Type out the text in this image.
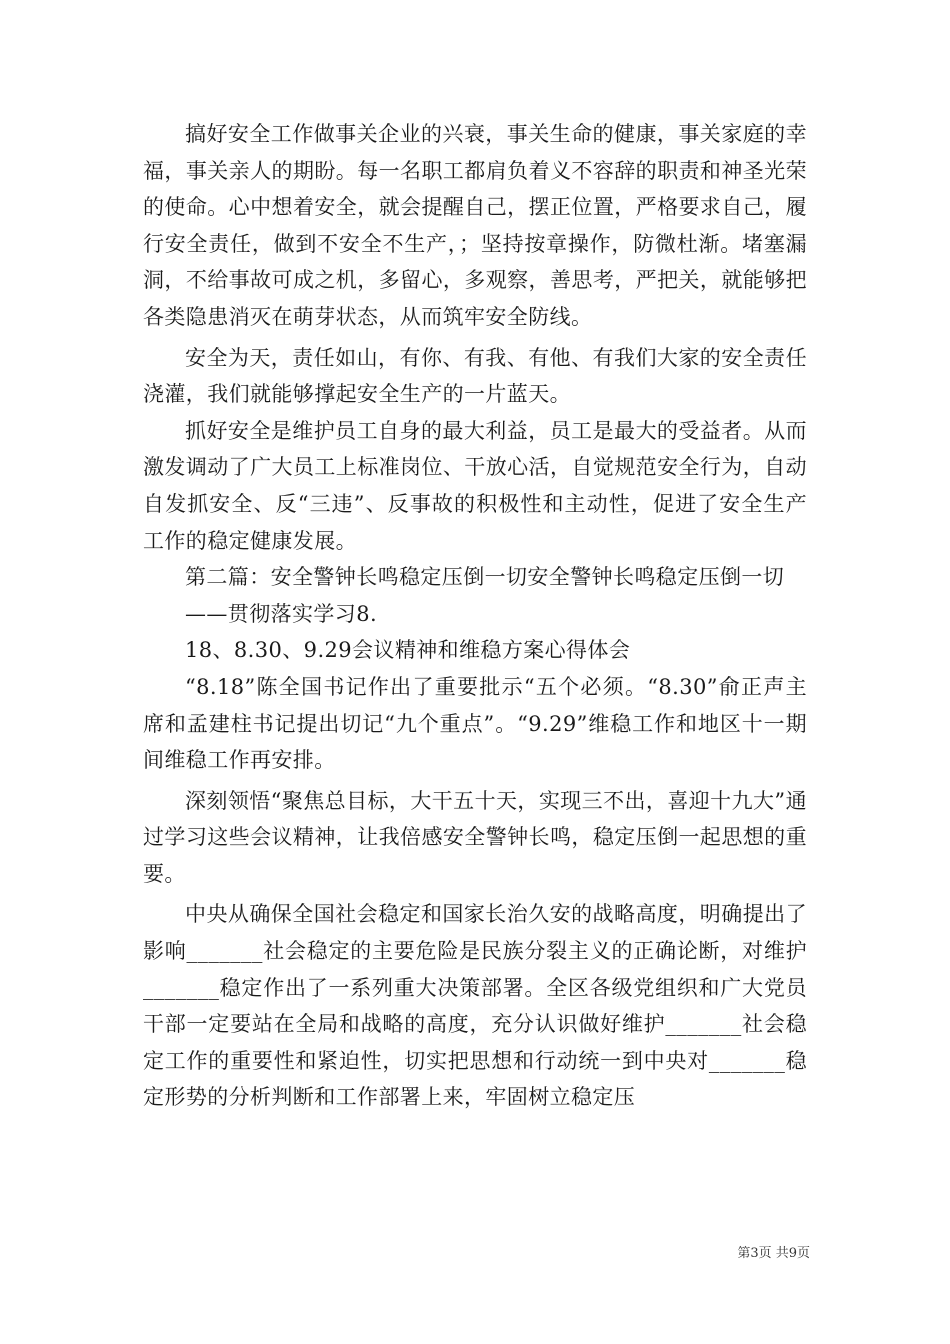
搞好安全工作做事关企业的兴衰，事关生命的健康，事关家庭的幸福，事关亲人的期盼。每一名职工都肩负着义不容辞的职责和神圣光荣的使命。心中想着安全，就会提醒自己，摆正位置，严格要求自己，履行安全责任，做到不安全不生产，；坚持按章操作，防微杜渐。堵塞漏洞，不给事故可成之机，多留心，多观察，善思考，严把关，就能够把各类隐患消灭在萌芽状态，从而筑牢安全防线。

安全为天，责任如山，有你、有我、有他、有我们大家的安全责任浇灌，我们就能够撑起安全生产的一片蓝天。

抓好安全是维护员工自身的最大利益，员工是最大的受益者。从而激发调动了广大员工上标准岗位、干放心活，自觉规范安全行为，自动自发抓安全、反“三违”、反事故的积极性和主动性，促进了安全生产工作的稳定健康发展。

第二篇：安全警钟长鸣稳定压倒一切安全警钟长鸣稳定压倒一切

——贯彻落实学习8.

18、8.30、9.29会议精神和维稳方案心得体会

“8.18”陈全国书记作出了重要批示“五个必须。“8.30”俞正声主席和孟建柱书记提出切记“九个重点”。“9.29”维稳工作和地区十一期间维稳工作再安排。

深刻领悟“聚焦总目标，大干五十天，实现三不出，喜迎十九大”通过学习这些会议精神，让我倍感安全警钟长鸣，稳定压倒一起思想的重要。

中央从确保全国社会稳定和国家长治久安的战略高度，明确提出了影响_______社会稳定的主要危险是民族分裂主义的正确论断，对维护_______稳定作出了一系列重大决策部署。全区各级党组织和广大党员干部一定要站在全局和战略的高度，充分认识做好维护_______社会稳定工作的重要性和紧迫性，切实把思想和行动统一到中央对_______稳定形势的分析判断和工作部署上来，牢固树立稳定压

第3页 共9页
